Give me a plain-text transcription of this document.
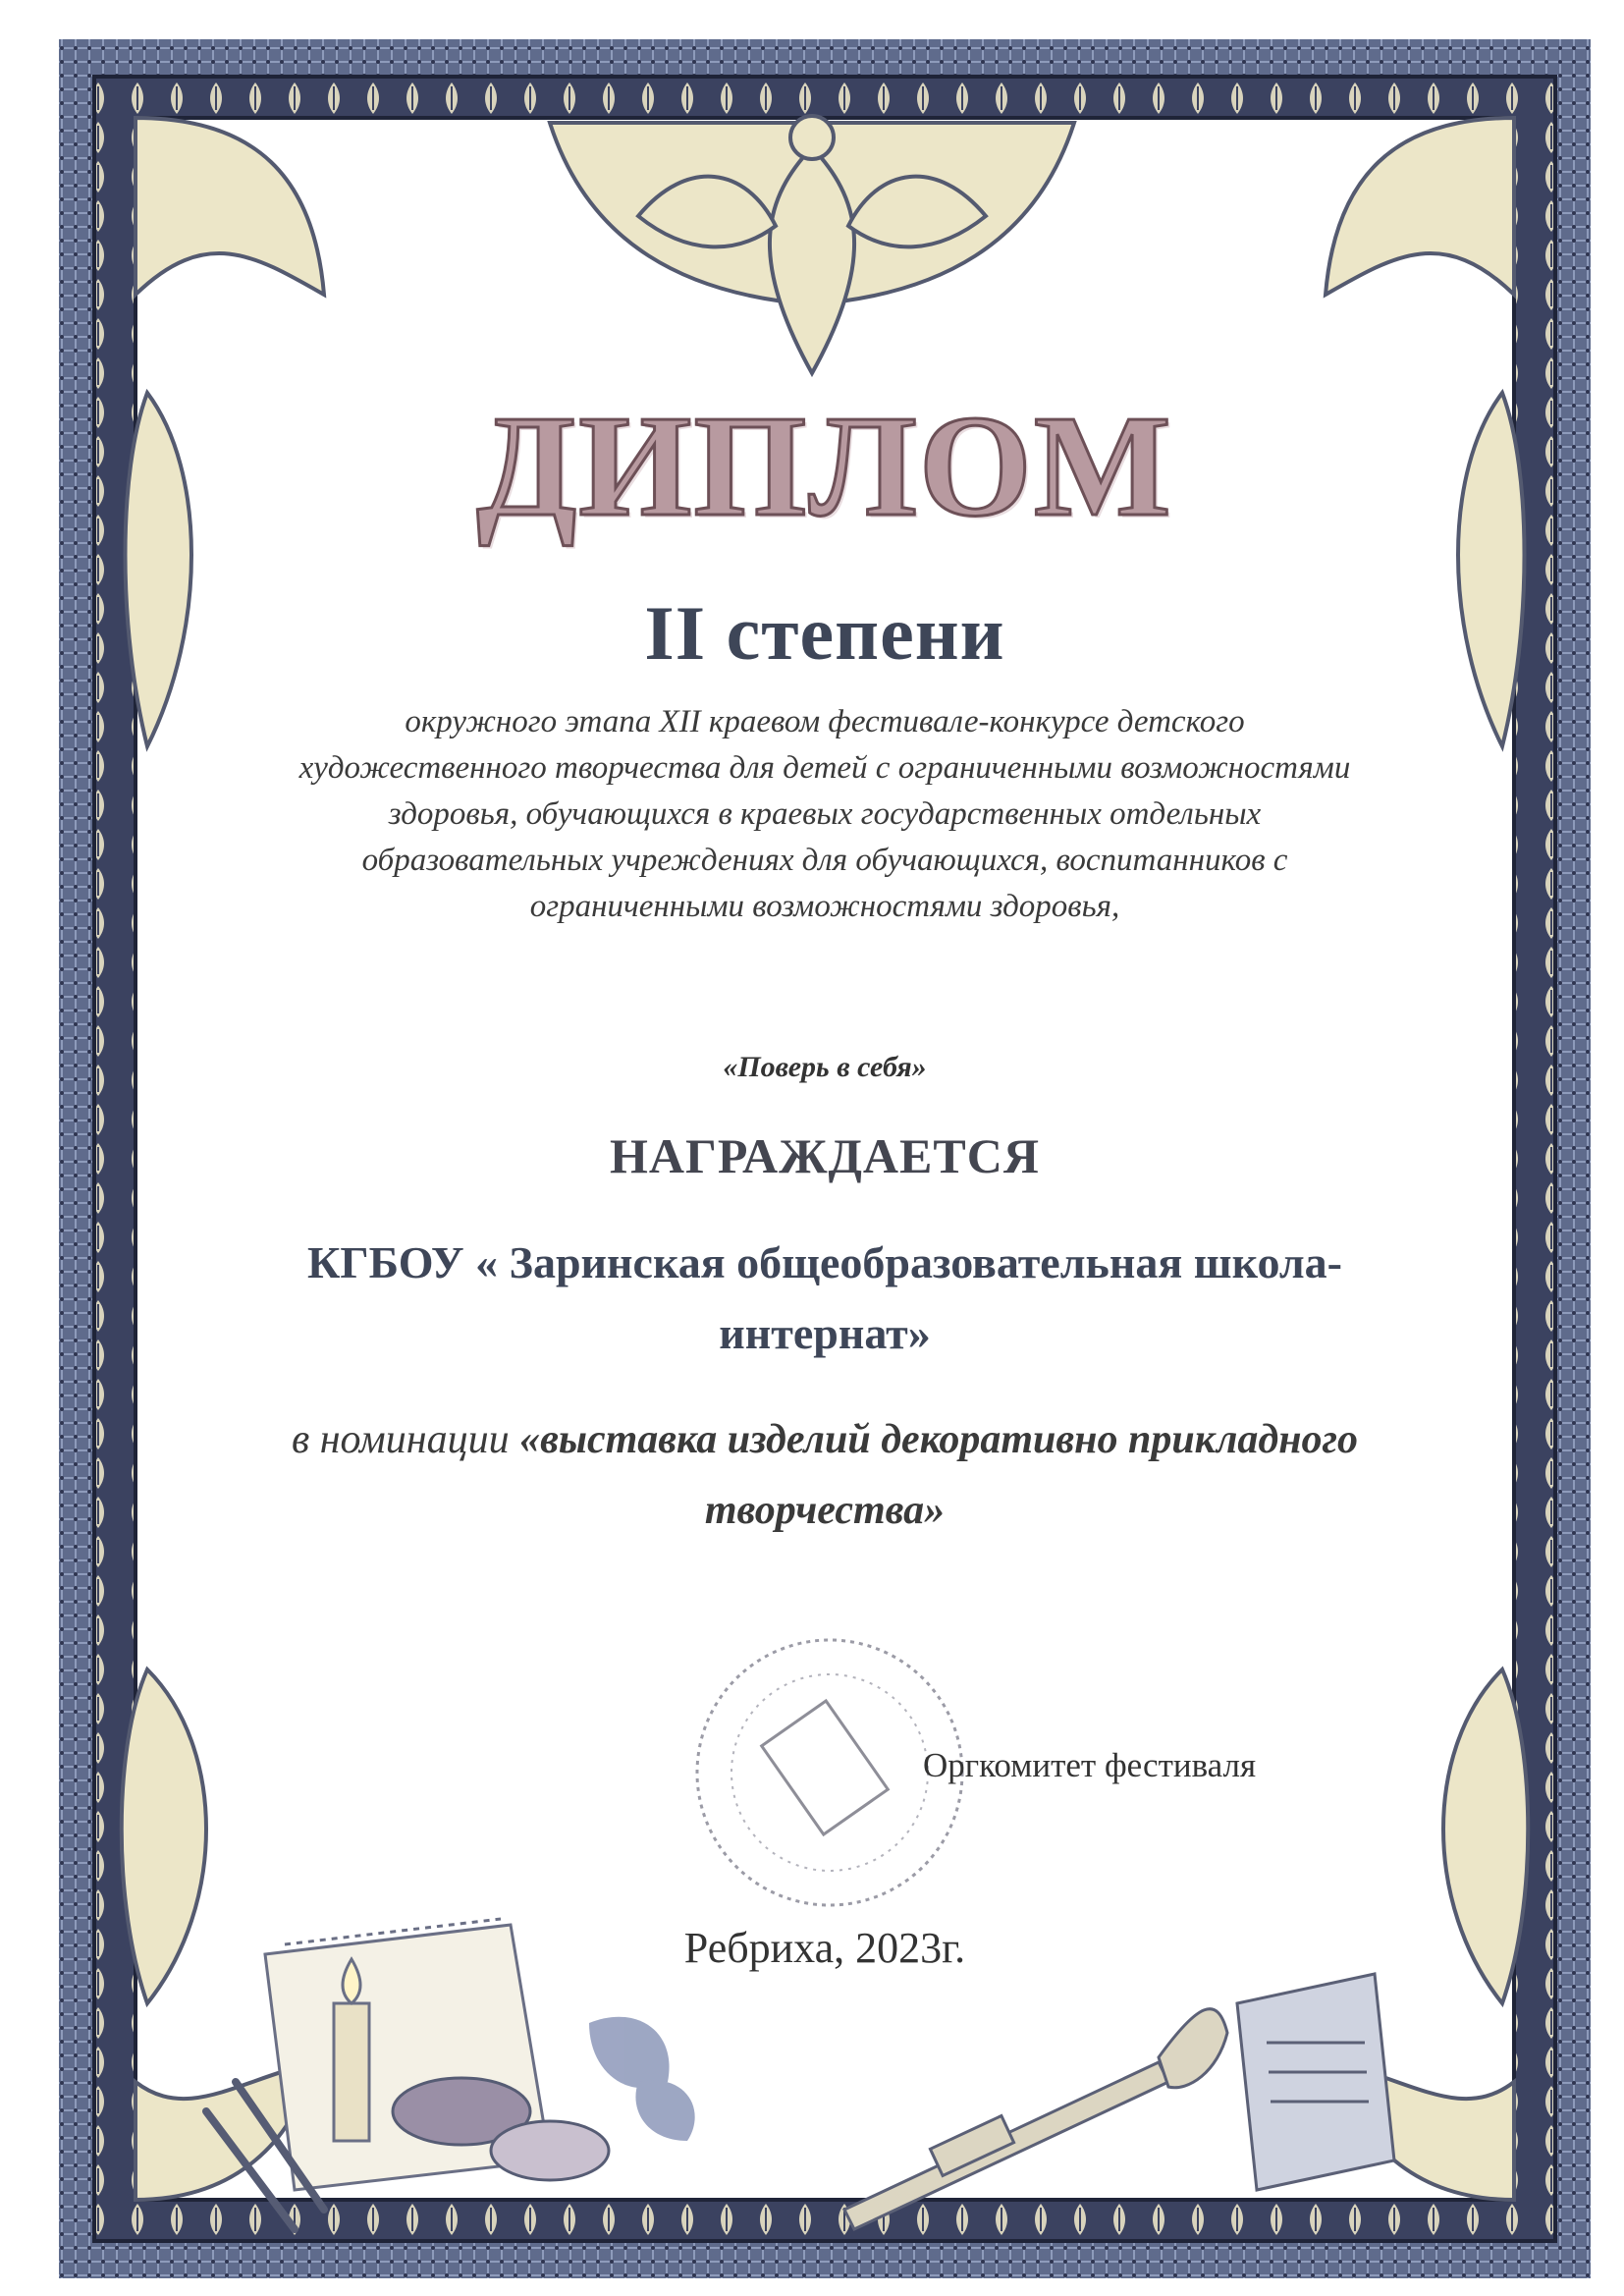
ДИПЛОМ
II степени
окружного этапа XII краевом фестивале-конкурсе детского художественного творчества для детей с ограниченными возможностями здоровья, обучающихся в краевых государственных отдельных образовательных учреждениях для обучающихся, воспитанников с ограниченными возможностями здоровья,
«Поверь в себя»
НАГРАЖДАЕТСЯ
КГБОУ « Заринская общеобразовательная школа-интернат»
в номинации «выставка изделий декоративно прикладного творчества»
Оргкомитет фестиваля
Ребриха, 2023г.
